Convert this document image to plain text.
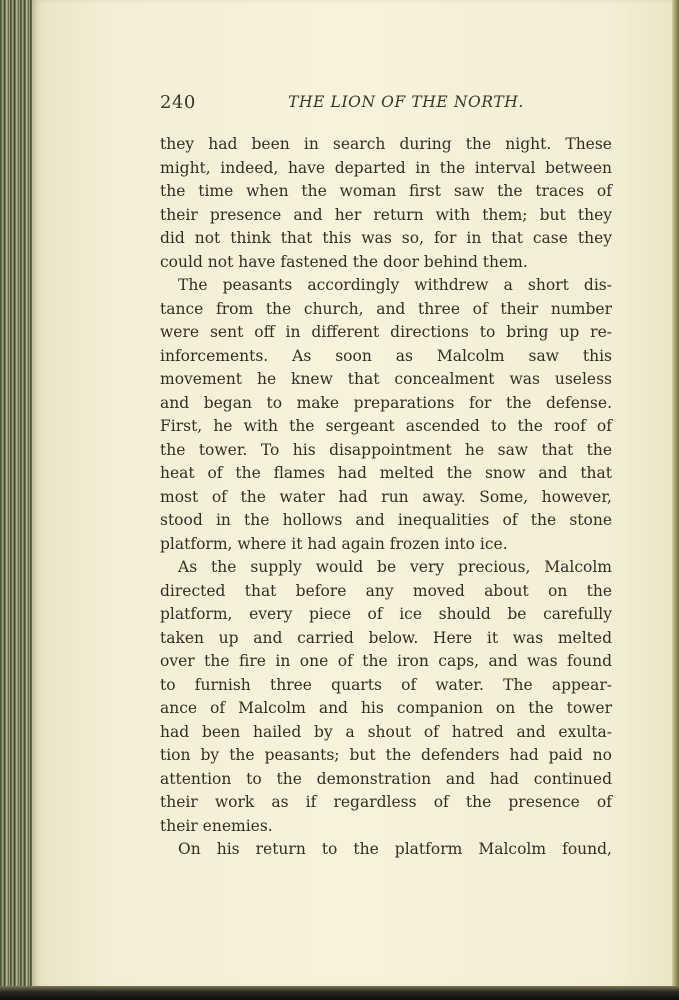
240	THE LION OF THE NORTH.

they had been in search during the night. These

might, indeed, have departed in the interval between

the time when the woman first saw the traces of

their presence and her return with them; but they

did not think that this was so, for in that case they

could not have fastened the door behind them.

The peasants accordingly withdrew a short dis-

tance from the church, and three of their number

were sent off in different directions to bring up re-

inforcements. As soon as Malcolm saw this

movement he knew that concealment was useless

and began to make preparations for the defense.

First, he with the sergeant ascended to the roof of

the tower. To his disappointment he saw that the

heat of the flames had melted the snow and that

most of the water had run away. Some, however,

stood in the hollows and inequalities of the stone

platform, where it had again frozen into ice.

As the supply would be very precious, Malcolm

directed that before any moved about on the

platform, every piece of ice should be carefully

taken up and carried below. Here it was melted

over the fire in one of the iron caps, and was found

to furnish three quarts of water. The appear-

ance of Malcolm and his companion on the tower

had been hailed by a shout of hatred and exulta-

tion by the peasants; but the defenders had paid no

attention to the demonstration and had continued

their work as if regardless of the presence of

their enemies.

On his return to the platform Malcolm found,
